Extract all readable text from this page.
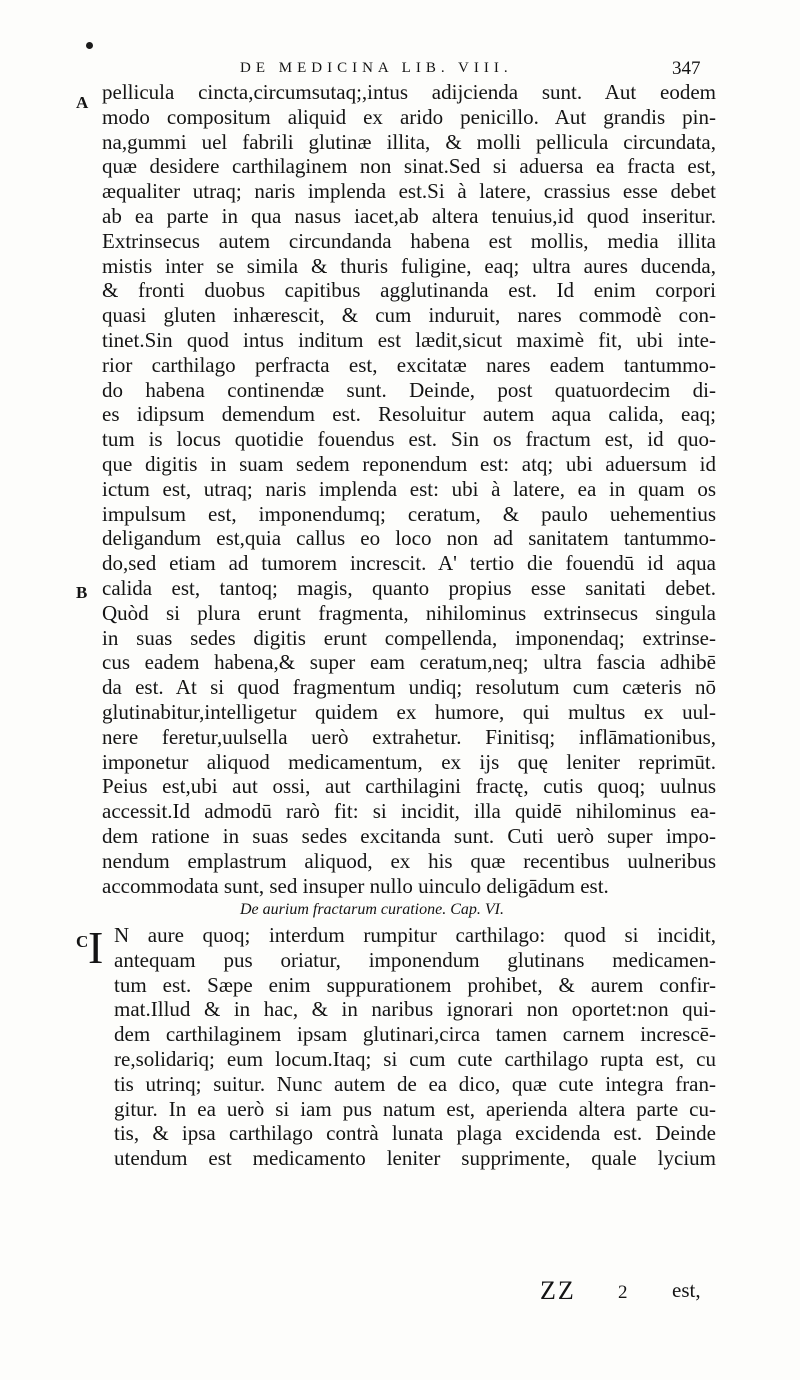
DE MEDICINA LIB. VIII.	347
A
B
C
pellicula cincta,circumsutaq;,intus adijcienda sunt. Aut eodem
modo compositum aliquid ex arido penicillo. Aut grandis pin-
na,gummi uel fabrili glutinæ illita, & molli pellicula circundata,
quæ desidere carthilaginem non sinat.Sed si aduersa ea fracta est,
æqualiter utraq; naris implenda est.Si à latere, crassius esse debet
ab ea parte in qua nasus iacet,ab altera tenuius,id quod inseritur.
Extrinsecus autem circundanda habena est mollis, media illita
mistis inter se simila & thuris fuligine, eaq; ultra aures ducenda,
& fronti duobus capitibus agglutinanda est. Id enim corpori
quasi gluten inhærescit, & cum induruit, nares commodè con-
tinet.Sin quod intus inditum est lædit,sicut maximè fit, ubi inte-
rior carthilago perfracta est, excitatæ nares eadem tantummo-
do habena continendæ sunt. Deinde, post quatuordecim di-
es idipsum demendum est. Resoluitur autem aqua calida, eaq;
tum is locus quotidie fouendus est. Sin os fractum est, id quo-
que digitis in suam sedem reponendum est: atq; ubi aduersum id
ictum est, utraq; naris implenda est: ubi à latere, ea in quam os
impulsum est, imponendumq; ceratum, & paulo uehementius
deligandum est,quia callus eo loco non ad sanitatem tantummo-
do,sed etiam ad tumorem increscit. A' tertio die fouendū id aqua
calida est, tantoq; magis, quanto propius esse sanitati debet.
Quòd si plura erunt fragmenta, nihilominus extrinsecus singula
in suas sedes digitis erunt compellenda, imponendaq; extrinse-
cus eadem habena,& super eam ceratum,neq; ultra fascia adhibē
da est. At si quod fragmentum undiq; resolutum cum cæteris nō
glutinabitur,intelligetur quidem ex humore, qui multus ex uul-
nere feretur,uulsella uerò extrahetur. Finitisq; inflāmationibus,
imponetur aliquod medicamentum, ex ijs quę leniter reprimūt.
Peius est,ubi aut ossi, aut carthilagini fractę, cutis quoq; uulnus
accessit.Id admodū rarò fit: si incidit, illa quidē nihilominus ea-
dem ratione in suas sedes excitanda sunt. Cuti uerò super impo-
nendum emplastrum aliquod, ex his quæ recentibus uulneribus
accommodata sunt, sed insuper nullo uinculo deligādum est.
De aurium fractarum curatione. Cap. VI.
I N aure quoq; interdum rumpitur carthilago: quod si incidit,
antequam pus oriatur, imponendum glutinans medicamen-
tum est. Sæpe enim suppurationem prohibet, & aurem confir-
mat.Illud & in hac, & in naribus ignorari non oportet:non qui-
dem carthilaginem ipsam glutinari,circa tamen carnem increscē-
re,solidariq; eum locum.Itaq; si cum cute carthilago rupta est, cu
tis utrinq; suitur. Nunc autem de ea dico, quæ cute integra fran-
gitur. In ea uerò si iam pus natum est, aperienda altera parte cu-
tis, & ipsa carthilago contrà lunata plaga excidenda est. Deinde
utendum est medicamento leniter supprimente, quale lycium
ZZ 2 est,
